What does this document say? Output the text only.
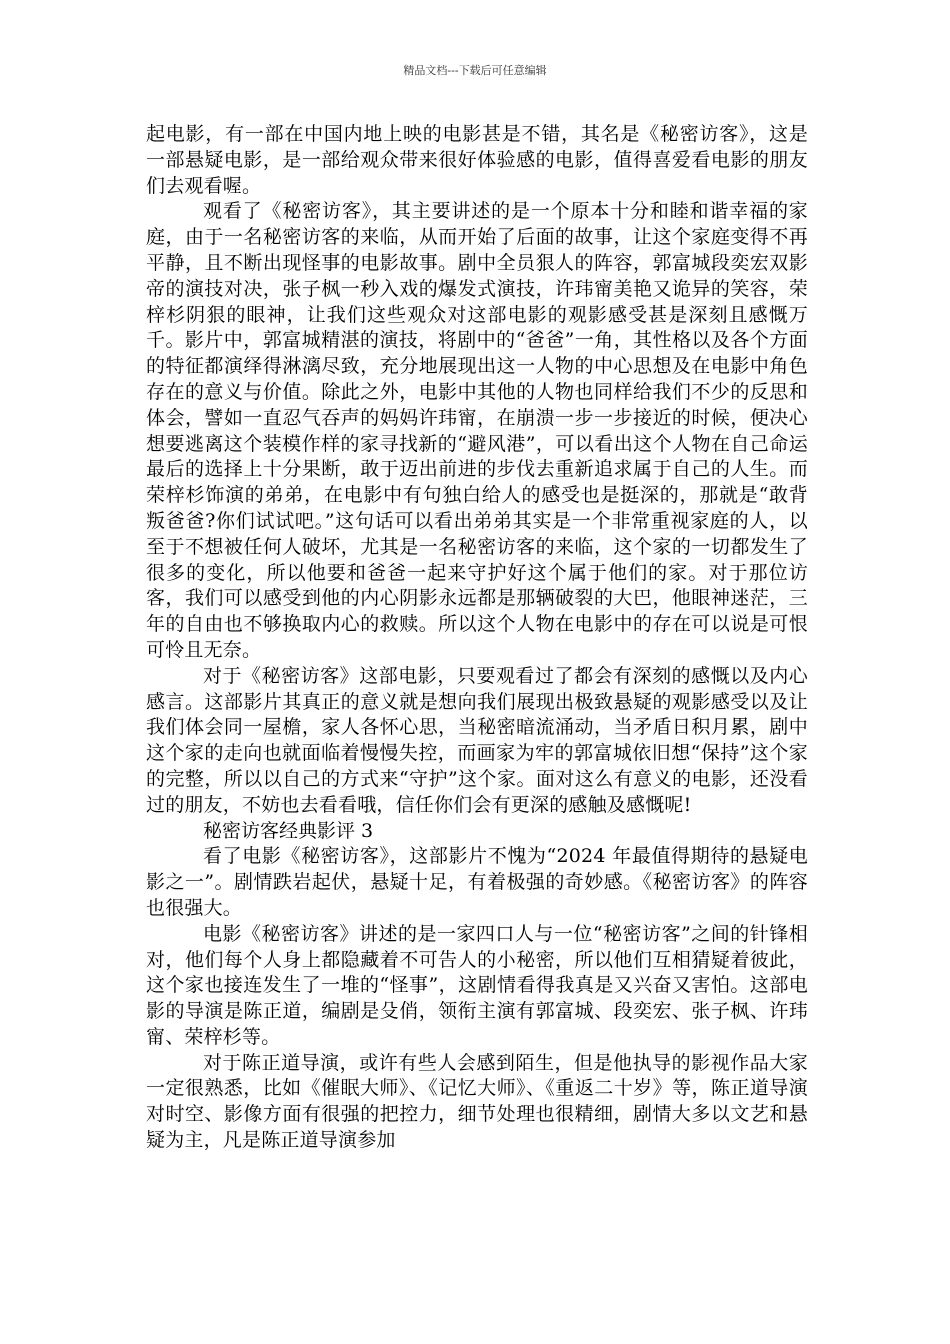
精品文档---下载后可任意编辑

起电影，有一部在中国内地上映的电影甚是不错，其名是《秘密访客》，这是一部悬疑电影，是一部给观众带来很好体验感的电影，值得喜爱看电影的朋友们去观看喔。

观看了《秘密访客》，其主要讲述的是一个原本十分和睦和谐幸福的家庭，由于一名秘密访客的来临，从而开始了后面的故事，让这个家庭变得不再平静，且不断出现怪事的电影故事。剧中全员狠人的阵容，郭富城段奕宏双影帝的演技对决，张子枫一秒入戏的爆发式演技，许玮甯美艳又诡异的笑容，荣梓杉阴狠的眼神，让我们这些观众对这部电影的观影感受甚是深刻且感慨万千。影片中，郭富城精湛的演技，将剧中的“爸爸”一角，其性格以及各个方面的特征都演绎得淋漓尽致，充分地展现出这一人物的中心思想及在电影中角色存在的意义与价值。除此之外，电影中其他的人物也同样给我们不少的反思和体会，譬如一直忍气吞声的妈妈许玮甯，在崩溃一步一步接近的时候，便决心想要逃离这个装模作样的家寻找新的“避风港”，可以看出这个人物在自己命运最后的选择上十分果断，敢于迈出前进的步伐去重新追求属于自己的人生。而荣梓杉饰演的弟弟，在电影中有句独白给人的感受也是挺深的，那就是“敢背叛爸爸?你们试试吧。”这句话可以看出弟弟其实是一个非常重视家庭的人，以至于不想被任何人破坏，尤其是一名秘密访客的来临，这个家的一切都发生了很多的变化，所以他要和爸爸一起来守护好这个属于他们的家。对于那位访客，我们可以感受到他的内心阴影永远都是那辆破裂的大巴，他眼神迷茫，三年的自由也不够换取内心的救赎。所以这个人物在电影中的存在可以说是可恨可怜且无奈。

对于《秘密访客》这部电影，只要观看过了都会有深刻的感慨以及内心感言。这部影片其真正的意义就是想向我们展现出极致悬疑的观影感受以及让我们体会同一屋檐，家人各怀心思，当秘密暗流涌动，当矛盾日积月累，剧中这个家的走向也就面临着慢慢失控，而画家为牢的郭富城依旧想“保持”这个家的完整，所以以自己的方式来“守护”这个家。面对这么有意义的电影，还没看过的朋友，不妨也去看看哦，信任你们会有更深的感触及感慨呢!

秘密访客经典影评 3

看了电影《秘密访客》，这部影片不愧为“2024 年最值得期待的悬疑电影之一”。剧情跌岩起伏，悬疑十足，有着极强的奇妙感。《秘密访客》的阵容也很强大。

电影《秘密访客》讲述的是一家四口人与一位“秘密访客”之间的针锋相对，他们每个人身上都隐藏着不可告人的小秘密，所以他们互相猜疑着彼此，这个家也接连发生了一堆的“怪事”，这剧情看得我真是又兴奋又害怕。这部电影的导演是陈正道，编剧是殳俏，领衔主演有郭富城、段奕宏、张子枫、许玮甯、荣梓杉等。

对于陈正道导演，或许有些人会感到陌生，但是他执导的影视作品大家一定很熟悉，比如《催眠大师》、《记忆大师》、《重返二十岁》等，陈正道导演对时空、影像方面有很强的把控力，细节处理也很精细，剧情大多以文艺和悬疑为主，凡是陈正道导演参加
